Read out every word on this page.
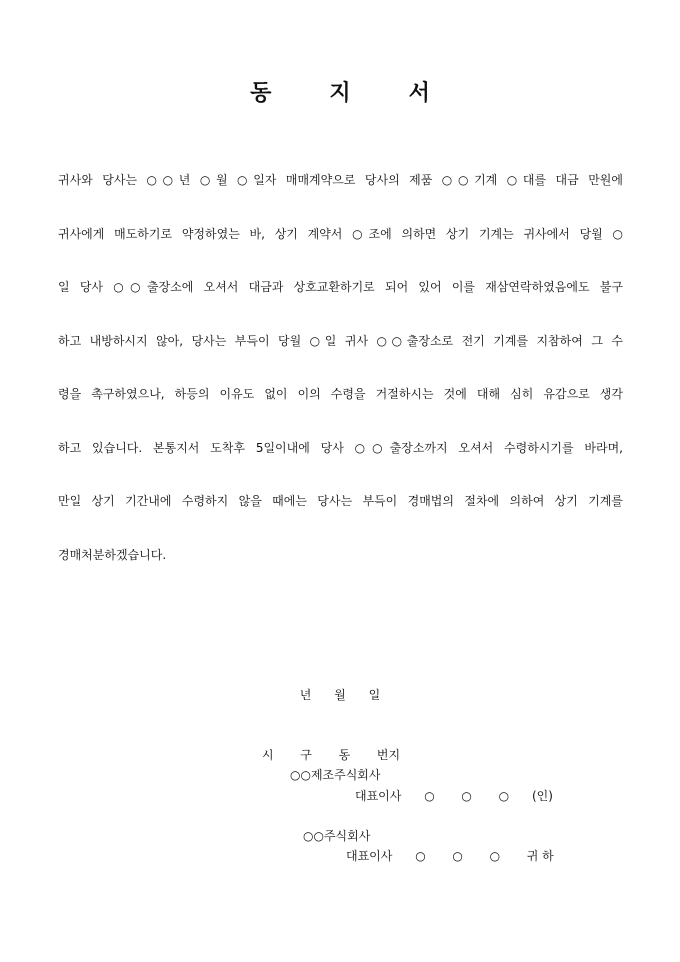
동	지	서
귀사와 당사는 ○○년 ○월 ○일자 매매계약으로 당사의 제품 ○○기계 ○대를 대금 만원에
귀사에게 매도하기로 약정하였는 바, 상기 계약서 ○조에 의하면 상기 기계는 귀사에서 당월 ○
일 당사 ○○출장소에 오셔서 대금과 상호교환하기로 되어 있어 이를 재삼연락하였음에도 불구
하고 내방하시지 않아, 당사는 부득이 당월 ○일 귀사 ○○출장소로 전기 기계를 지참하여 그 수
령을 촉구하였으나, 하등의 이유도 없이 이의 수령을 거절하시는 것에 대해 심히 유감으로 생각
하고 있습니다. 본통지서 도착후 5일이내에 당사 ○○출장소까지 오셔서 수령하시기를 바라며,
만일 상기 기간내에 수령하지 않을 때에는 당사는 부득이 경매법의 절차에 의하여 상기 기계를
경매처분하겠습니다.
년      월      일
시       구       동       번지
○○제조주식회사
대표이사      ○       ○       ○      (인)
○○주식회사
대표이사      ○       ○       ○       귀 하
